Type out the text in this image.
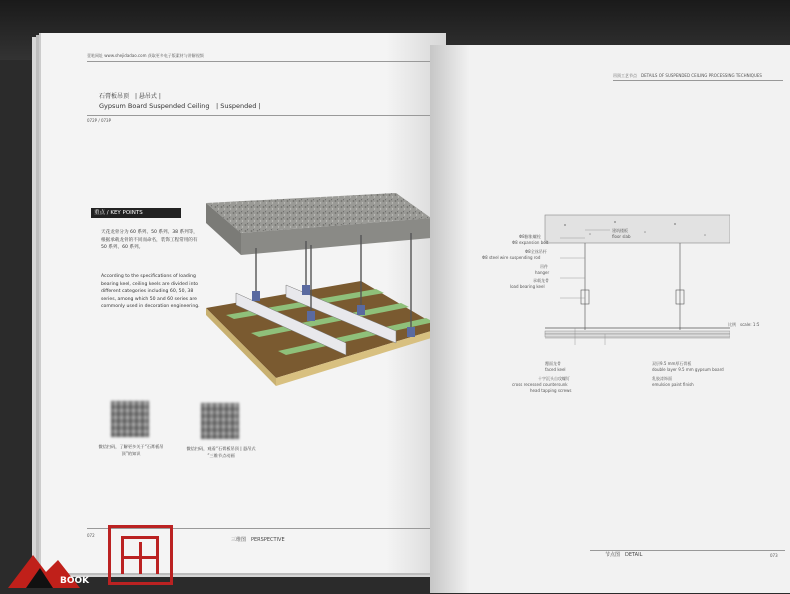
壹哒网址 www.shejidadao.com 获取更多电子版素材与讲解视频
石膏板吊顶　| 悬吊式 |
Gypsum Board Suspended Ceiling　| Suspended |
072P / 073P
重点 / KEY POINTS
天花龙骨分为 60 系列、50 系列、38 系列等，根据承载龙骨的不同而命名，装饰工程常用的有 50 系列、60 系列。
According to the specifications of loading bearing keel, ceiling keels are divided into different categories including 60, 50, 38 series, among which 50 and 60 series are commonly used in decoration engineering.
微信扫码，了解更多关于“石膏板吊顶”的知识
微信扫码，观看“石膏板吊顶 | 悬吊式 ”三维节点动画
072
三维图　PERSPECTIVE
吊顶工艺节点　DETAILS OF SUSPENDED CEILING PROCESSING TECHNIQUES
Φ8膨胀螺栓
Φ8 expansion bolt
Φ8全丝吊杆
Φ8 steel wire suspending rod
吊件
hanger
承载龙骨
load bearing keel
建筑楼板
floor slab
覆面龙骨
faced keel
十字沉头自攻螺钉
cross recessed countersunk
head tapping screws
双层9.5 mm厚石膏板
double layer 9.5 mm gypsum board
乳胶漆饰面
emulsion paint finish
比例　scale: 1:5
节点图　DETAIL	073
BOOK
